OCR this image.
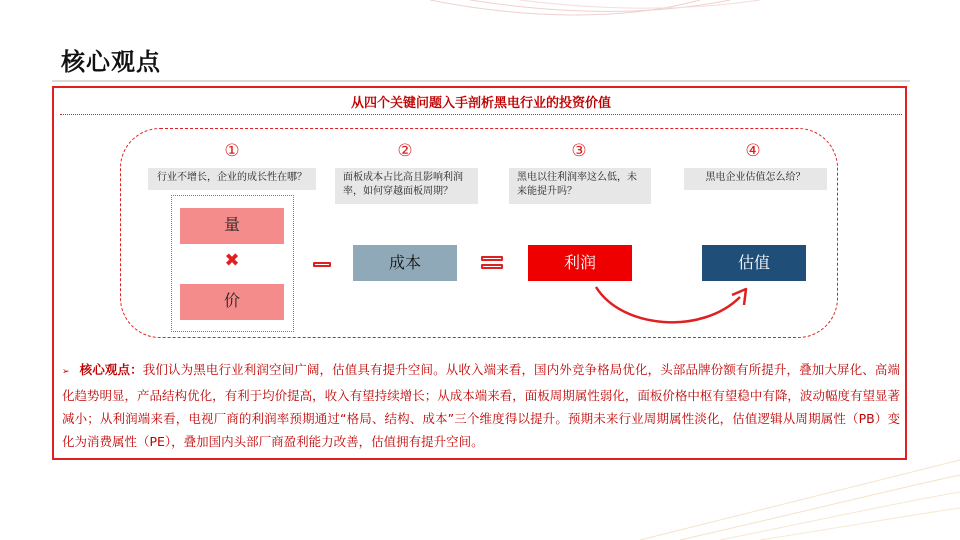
核心观点
从四个关键问题入手剖析黑电行业的投资价值
①	②	③	④
行业不增长，企业的成长性在哪？	面板成本占比高且影响利润率，如何穿越面板周期？
黑电以往利润率这么低，未来能提升吗？
黑电企业估值怎么给？
量
✖
价
成本	利润	估值
➢ 核心观点：我们认为黑电行业利润空间广阔，估值具有提升空间。从收入端来看，国内外竞争格局优化，头部品牌份额有所提升，叠加大屏化、高端化趋势明显，产品结构优化，有利于均价提高，收入有望持续增长；从成本端来看，面板周期属性弱化，面板价格中枢有望稳中有降，波动幅度有望显著减小；从利润端来看，电视厂商的利润率预期通过“格局、结构、成本”三个维度得以提升。预期未来行业周期属性淡化，估值逻辑从周期属性（PB）变化为消费属性（PE），叠加国内头部厂商盈利能力改善，估值拥有提升空间。
